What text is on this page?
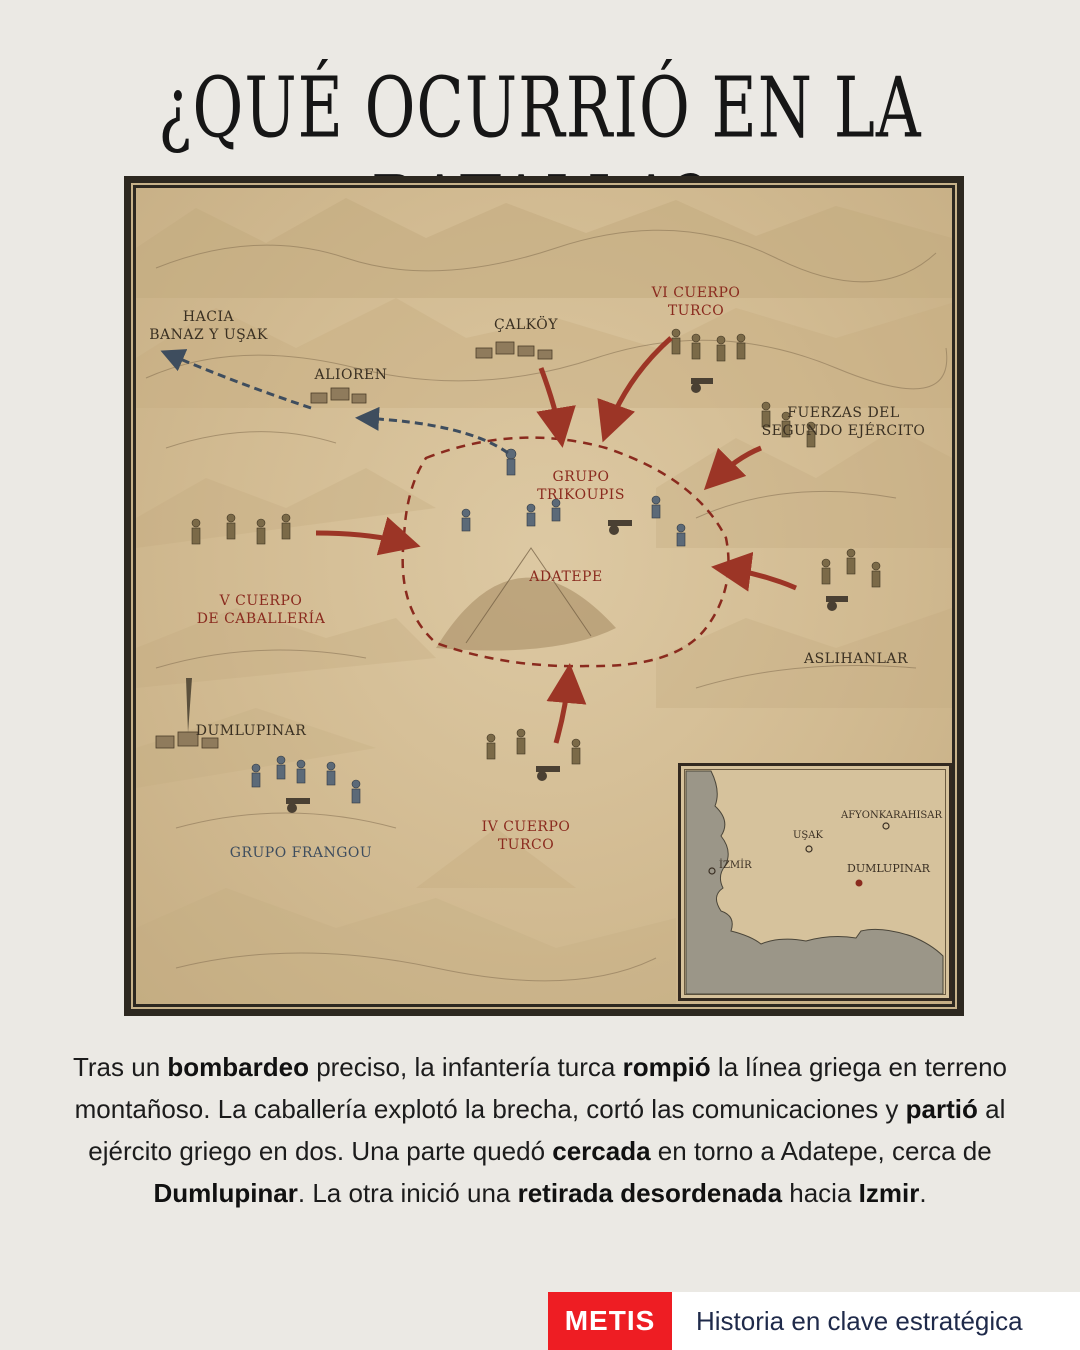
¿QUÉ OCURRIÓ EN LA
HACIA
BANAZ Y UŞAK
ÇALKÖY
VI CUERPO
TURCO
ALIOREN
FUERZAS DEL
SEGUNDO EJÉRCITO
GRUPO
TRIKOUPIS
V CUERPO
DE CABALLERÍA
ADATEPE
ASLIHANLAR
DUMLUPINAR
IV CUERPO
TURCO
GRUPO FRANGOU
AFYONKARAHISAR
UŞAK
İZMİR	DUMLUPINAR

Tras un bombardeo preciso, la infantería turca rompió la línea griega en terreno montañoso. La caballería explotó la brecha, cortó las comunicaciones y partió al ejército griego en dos. Una parte quedó cercada en torno a Adatepe, cerca de Dumlupinar. La otra inició una retirada desordenada hacia Izmir.

METIS	Historia en clave estratégica
